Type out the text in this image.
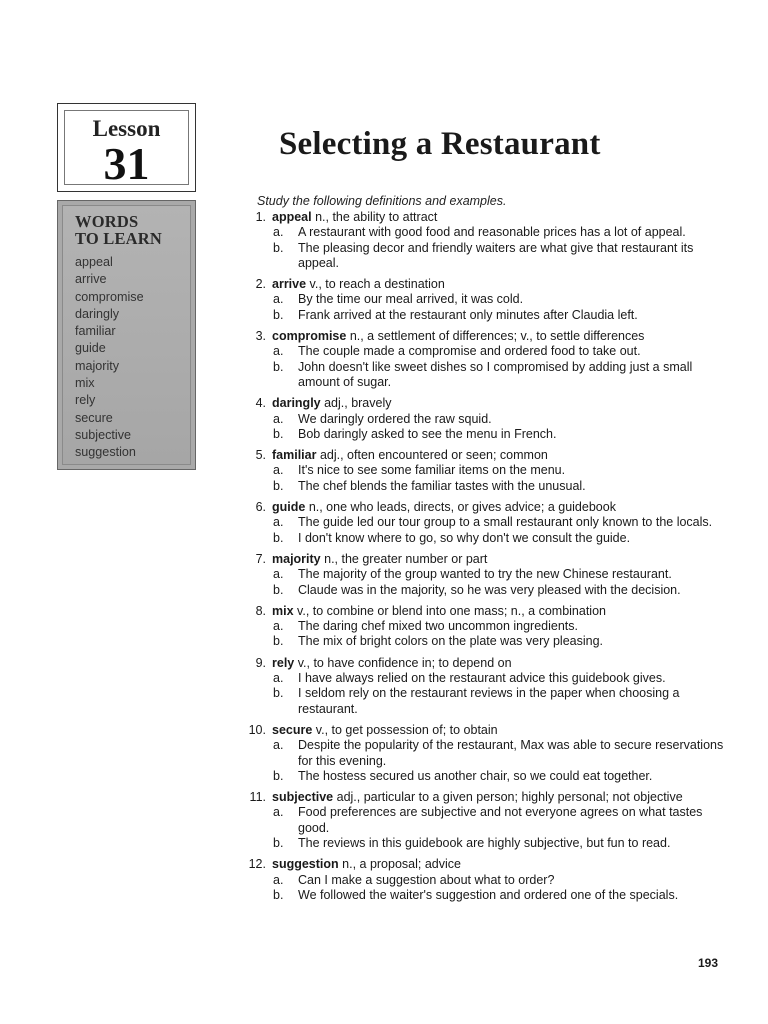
Lesson
31
WORDS
TO LEARN
appeal
arrive
compromise
daringly
familiar
guide
majority
mix
rely
secure
subjective
suggestion
Selecting a Restaurant
Study the following definitions and examples.
1. appeal n., the ability to attract
a.	A restaurant with good food and reasonable prices has a lot of appeal.
b.	The pleasing decor and friendly waiters are what give that restaurant its appeal.
2. arrive v., to reach a destination
a.	By the time our meal arrived, it was cold.
b.	Frank arrived at the restaurant only minutes after Claudia left.
3. compromise n., a settlement of differences; v., to settle differences
a.	The couple made a compromise and ordered food to take out.
b.	John doesn't like sweet dishes so I compromised by adding just a small amount of sugar.
4. daringly adj., bravely
a.	We daringly ordered the raw squid.
b.	Bob daringly asked to see the menu in French.
5. familiar adj., often encountered or seen; common
a.	It's nice to see some familiar items on the menu.
b.	The chef blends the familiar tastes with the unusual.
6. guide n., one who leads, directs, or gives advice; a guidebook
a.	The guide led our tour group to a small restaurant only known to the locals.
b.	I don't know where to go, so why don't we consult the guide.
7. majority n., the greater number or part
a.	The majority of the group wanted to try the new Chinese restaurant.
b.	Claude was in the majority, so he was very pleased with the decision.
8. mix v., to combine or blend into one mass; n., a combination
a.	The daring chef mixed two uncommon ingredients.
b.	The mix of bright colors on the plate was very pleasing.
9. rely v., to have confidence in; to depend on
a.	I have always relied on the restaurant advice this guidebook gives.
b.	I seldom rely on the restaurant reviews in the paper when choosing a restaurant.
10. secure v., to get possession of; to obtain
a.	Despite the popularity of the restaurant, Max was able to secure reservations for this evening.
b.	The hostess secured us another chair, so we could eat together.
11. subjective adj., particular to a given person; highly personal; not objective
a.	Food preferences are subjective and not everyone agrees on what tastes good.
b.	The reviews in this guidebook are highly subjective, but fun to read.
12. suggestion n., a proposal; advice
a.	Can I make a suggestion about what to order?
b.	We followed the waiter's suggestion and ordered one of the specials.
193
